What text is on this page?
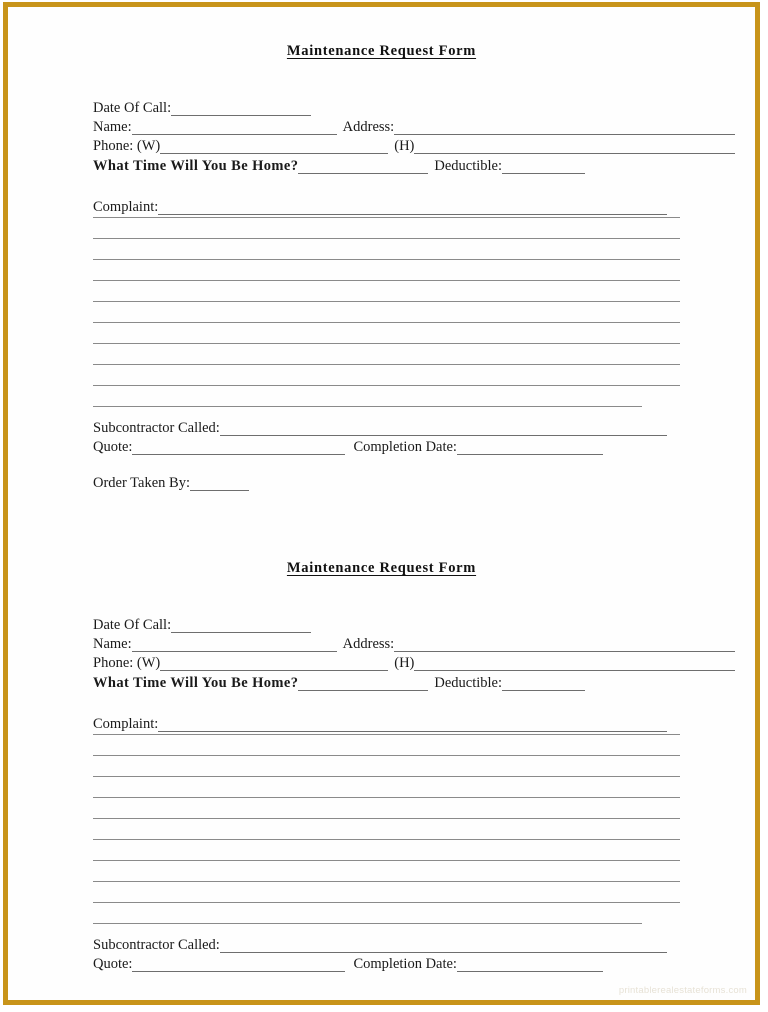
Maintenance Request Form
Date Of Call:
Name:	Address:
Phone: (W)	(H)
What Time Will You Be Home?	Deductible:
Complaint:
Subcontractor Called:
Quote:	Completion Date:
Order Taken By:
Maintenance Request Form
Date Of Call:
Name:	Address:
Phone: (W)	(H)
What Time Will You Be Home?	Deductible:
Complaint:
Subcontractor Called:
Quote:	Completion Date:
printablerealestateforms.com
